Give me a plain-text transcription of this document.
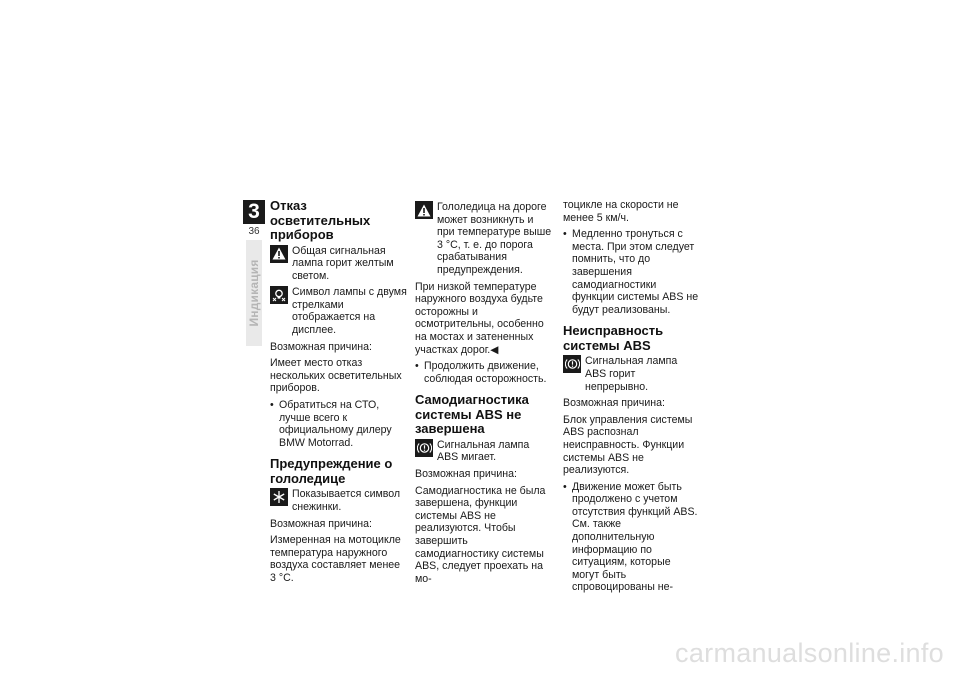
3
36
Индикация
Отказ осветительных приборов
Общая сигнальная лампа горит желтым светом.
Символ лампы с двумя стрелками отображается на дисплее.

Возможная причина:

Имеет место отказ нескольких осветительных приборов.

• Обратиться на СТО, лучше всего к официальному дилеру BMW Motorrad.
Предупреждение о гололедице
Показывается символ снежинки.

Возможная причина:

Измеренная на мотоцикле температура наружного воздуха составляет менее 3 °C.

Гололедица на дороге может возникнуть и при температуре выше 3 °C, т. е. до порога срабатывания предупреждения.

При низкой температуре наружного воздуха будьте осторожны и осмотрительны, особенно на мостах и затененных участках дорог.◀

• Продолжить движение, соблюдая осторожность.
Самодиагностика системы ABS не завершена
Сигнальная лампа ABS мигает.

Возможная причина:

Самодиагностика не была завершена, функции системы ABS не реализуются. Чтобы завершить самодиагностику системы ABS, следует проехать на мо-

тоцикле на скорости не менее 5 км/ч.

• Медленно тронуться с места. При этом следует помнить, что до завершения самодиагностики функции системы ABS не будут реализованы.
Неисправность системы ABS
Сигнальная лампа ABS горит непрерывно.

Возможная причина:

Блок управления системы ABS распознал неисправность. Функции системы ABS не реализуются.

• Движение может быть продолжено с учетом отсутствия функций ABS. См. также дополнительную информацию по ситуациям, которые могут быть спровоцированы не-
carmanualsonline.info
